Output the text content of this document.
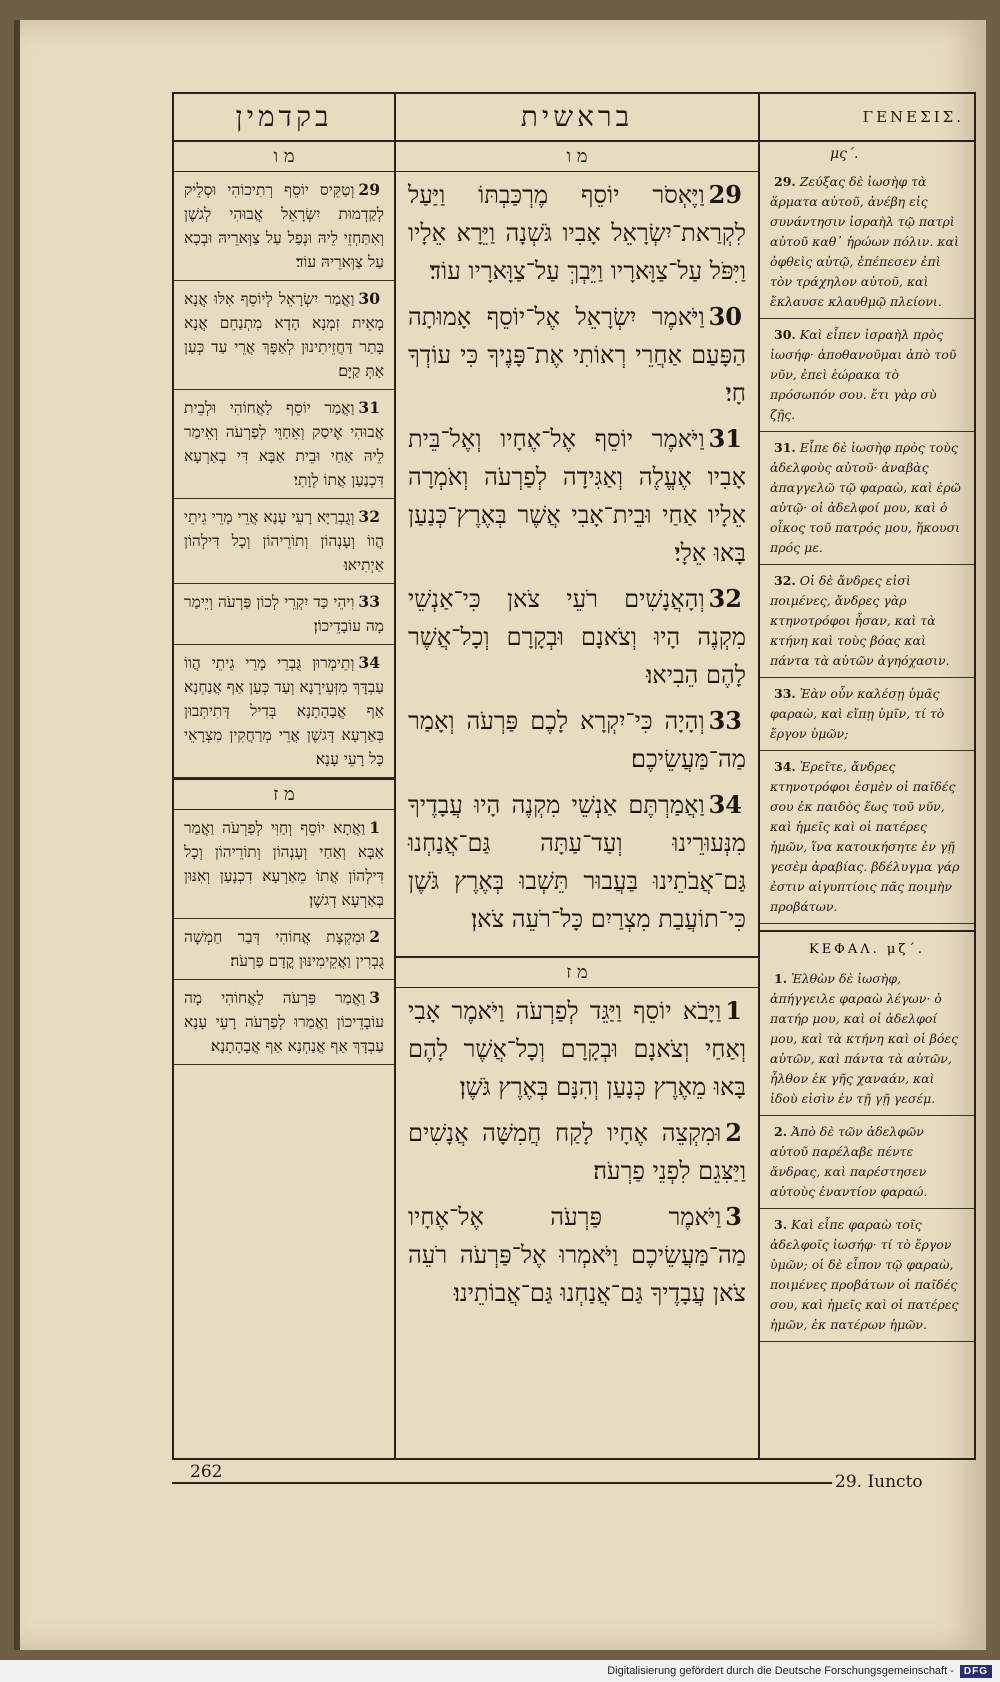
בקדמין
מ ו
29וְטַקֵּיס יוֹסֵף רְתִיכוֹהִי וּסְלֵיק לְקַדְמוּת יִשְׂרָאֵל אֲבוּהִי לְגשֶׁן וְאִתַּחְזֵי לֵיהּ וּנְפַל עַל צַוְּארֵיהּ וּבְכָא עַל צַוְּארֵיהּ עוֹד׃
30וַאֲמַר יִשְׂרָאֵל לְיוֹסֵף אִלּוּ אֲנָא מָאֵית זִמְנָא הָדָא מִתְנַחֵם אֲנָא בָּתַר דַּחֲזֵיתִינוּן לְאַפָּךְ אֲרֵי עַד כְּעַן אַתְּ קַיָּם׃
31וַאֲמַר יוֹסֵף לַאֲחוֹהִי וּלְבֵית אֲבוּהִי אֶיסַק וְאֵחַוֵּי לְפַרְעֹה וְאֵימַר לֵיהּ אַחַי וּבֵית אַבָּא דִּי בְאַרְעָא דִּכְנַעַן אֲתוֹ לְוָתִי׃
32וְגֻבְרַיָּא רָעֵי עָנָא אֲרֵי מָרֵי גֵיתֵי הֲווֹ וְעָנְהוֹן וְתוֹרֵיהוֹן וְכָל דִּילְהוֹן אַיְתִיאוּ׃
33וִיהֵי כַּד יִקְרֵי לְכוֹן פַּרְעֹה וְיֵימַר מָה עוֹבָדֵיכוֹן׃
34וְתֵימְרוּן גֻּבְרֵי מָרֵי גֵיתֵי הֲווֹ עַבְדָּךְ מִזְּעֵירָנָא וְעַד כְּעַן אַף אֲנַחְנָא אַף אֲבָהָתָנָא בְּדִיל דְּתִיתְּבוּן בְּאַרְעָא דְּגשֶׁן אֲרֵי מְרַחֲקִין מִצְרָאֵי כָּל רָעֵי עָנָא׃
מ ז
1וַאֲתָא יוֹסֵף וְחַוִּי לְפַרְעֹה וַאֲמַר אַבָּא וְאַחַי וְעָנְהוֹן וְתוֹרֵיהוֹן וְכָל דִּילְהוֹן אֲתוֹ מֵאַרְעָא דִכְנָעַן וְאִנּוּן בְּאַרְעָא דְגשֶׁן׃
2וּמִקְצָת אֲחוֹהִי דְּבַר חַמְשָׁה גֻבְרִין וַאֲקֵימִינּוּן קֳדָם פַּרְעֹה׃
3וַאֲמַר פַּרְעֹה לַאֲחוֹהִי מָה עוֹבָדֵיכוֹן וַאֲמַרוּ לְפַרְעֹה רָעֵי עָנָא עַבְדָּךְ אַף אֲנַחְנָא אַף אֲבָהָתָנָא׃
בראשית
מ ו
29וַיֶּאְסֹר יוֹסֵף מֶרְכַּבְתּוֹ וַיַּעַל לִקְרַאת־יִשְׂרָאֵל אָבִיו גֹּשְׁנָה וַיֵּרָא אֵלָיו וַיִּפֹּל עַל־צַוָּארָיו וַיֵּבְךְּ עַל־צַוָּארָיו עוֹד׃
30וַיֹּאמֶר יִשְׂרָאֵל אֶל־יוֹסֵף אָמוּתָה הַפָּעַם אַחֲרֵי רְאוֹתִי אֶת־פָּנֶיךָ כִּי עוֹדְךָ חָי׃
31וַיֹּאמֶר יוֹסֵף אֶל־אֶחָיו וְאֶל־בֵּית אָבִיו אֶעֱלֶה וְאַגִּידָה לְפַרְעֹה וְאֹמְרָה אֵלָיו אַחַי וּבֵית־אָבִי אֲשֶׁר בְּאֶרֶץ־כְּנַעַן בָּאוּ אֵלָי׃
32וְהָאֲנָשִׁים רֹעֵי צֹאן כִּי־אַנְשֵׁי מִקְנֶה הָיוּ וְצֹאנָם וּבְקָרָם וְכָל־אֲשֶׁר לָהֶם הֵבִיאוּ׃
33וְהָיָה כִּי־יִקְרָא לָכֶם פַּרְעֹה וְאָמַר מַה־מַּעֲשֵׂיכֶם׃
34וַאֲמַרְתֶּם אַנְשֵׁי מִקְנֶה הָיוּ עֲבָדֶיךָ מִנְּעוּרֵינוּ וְעַד־עַתָּה גַּם־אֲנַחְנוּ גַּם־אֲבֹתֵינוּ בַּעֲבוּר תֵּשְׁבוּ בְּאֶרֶץ גֹּשֶׁן כִּי־תוֹעֲבַת מִצְרַיִם כָּל־רֹעֵה צֹאן׃
מ ז
1וַיָּבֹא יוֹסֵף וַיַּגֵּד לְפַרְעֹה וַיֹּאמֶר אָבִי וְאַחַי וְצֹאנָם וּבְקָרָם וְכָל־אֲשֶׁר לָהֶם בָּאוּ מֵאֶרֶץ כְּנָעַן וְהִנָּם בְּאֶרֶץ גֹּשֶׁן׃
2וּמִקְצֵה אֶחָיו לָקַח חֲמִשָּׁה אֲנָשִׁים וַיַּצִּגֵם לִפְנֵי פַרְעֹה׃
3וַיֹּאמֶר פַּרְעֹה אֶל־אֶחָיו מַה־מַּעֲשֵׂיכֶם וַיֹּאמְרוּ אֶל־פַּרְעֹה רֹעֵה צֹאן עֲבָדֶיךָ גַּם־אֲנַחְנוּ גַּם־אֲבוֹתֵינוּ׃
ΓΕΝΕΣΙΣ.
μς΄.
29. Ζεύξας δὲ ἰωσὴφ τὰ ἅρματα αὐτοῦ, ἀνέβη εἰς συνάντησιν ἰσραὴλ τῷ πατρὶ αὐτοῦ καθ᾽ ἡρώων πόλιν. καὶ ὀφθεὶς αὐτῷ, ἐπέπεσεν ἐπὶ τὸν τράχηλον αὐτοῦ, καὶ ἔκλαυσε κλαυθμῷ πλείονι.
30. Καὶ εἶπεν ἰσραὴλ πρὸς ἰωσήφ· ἀποθανοῦμαι ἀπὸ τοῦ νῦν, ἐπεὶ ἑώρακα τὸ πρόσωπόν σου. ἔτι γὰρ σὺ ζῇς.
31. Εἶπε δὲ ἰωσὴφ πρὸς τοὺς ἀδελφοὺς αὐτοῦ· ἀναβὰς ἀπαγγελῶ τῷ φαραὼ, καὶ ἐρῶ αὐτῷ· οἱ ἀδελφοί μου, καὶ ὁ οἶκος τοῦ πατρός μου, ἥκουσι πρός με.
32. Οἱ δὲ ἄνδρες εἰσὶ ποιμένες, ἄνδρες γὰρ κτηνοτρόφοι ἦσαν, καὶ τὰ κτήνη καὶ τοὺς βόας καὶ πάντα τὰ αὐτῶν ἀγηόχασιν.
33. Ἐὰν οὖν καλέσῃ ὑμᾶς φαραὼ, καὶ εἴπῃ ὑμῖν, τί τὸ ἔργον ὑμῶν;
34. Ἐρεῖτε, ἄνδρες κτηνοτρόφοι ἐσμὲν οἱ παῖδές σου ἐκ παιδὸς ἕως τοῦ νῦν, καὶ ἡμεῖς καὶ οἱ πατέρες ἡμῶν, ἵνα κατοικήσητε ἐν γῇ γεσὲμ ἀραβίας. βδέλυγμα γάρ ἐστιν αἰγυπτίοις πᾶς ποιμὴν προβάτων.
ΚΕΦΑΛ. μζ΄.
1. Ἐλθὼν δὲ ἰωσὴφ, ἀπήγγειλε φαραὼ λέγων· ὁ πατήρ μου, καὶ οἱ ἀδελφοί μου, καὶ τὰ κτήνη καὶ οἱ βόες αὐτῶν, καὶ πάντα τὰ αὐτῶν, ἦλθον ἐκ γῆς χαναάν, καὶ ἰδοὺ εἰσὶν ἐν τῇ γῇ γεσέμ.
2. Ἀπὸ δὲ τῶν ἀδελφῶν αὐτοῦ παρέλαβε πέντε ἄνδρας, καὶ παρέστησεν αὐτοὺς ἐναντίον φαραώ.
3. Καὶ εἶπε φαραὼ τοῖς ἀδελφοῖς ἰωσήφ· τί τὸ ἔργον ὑμῶν; οἱ δὲ εἶπον τῷ φαραὼ, ποιμένες προβάτων οἱ παῖδές σου, καὶ ἡμεῖς καὶ οἱ πατέρες ἡμῶν, ἐκ πατέρων ἡμῶν.
262	29. Iuncto
Digitalisierung gefördert durch die Deutsche Forschungsgemeinschaft -	DFG
